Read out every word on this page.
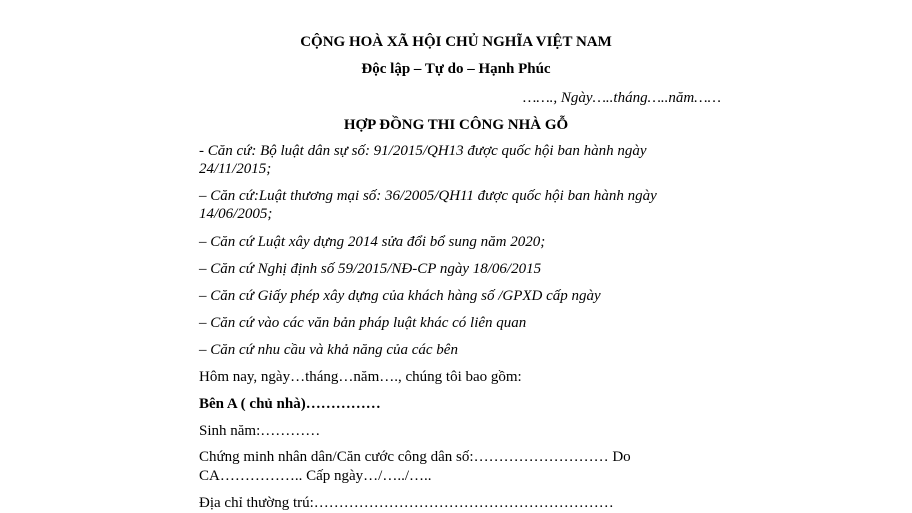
CỘNG HOÀ XÃ HỘI CHỦ NGHĨA VIỆT NAM
Độc lập – Tự do – Hạnh Phúc
……., Ngày…..tháng…..năm……
HỢP ĐỒNG THI CÔNG NHÀ GỖ
- Căn cứ: Bộ luật dân sự số: 91/2015/QH13 được quốc hội ban hành ngày
24/11/2015;
– Căn cứ:Luật thương mại số: 36/2005/QH11 được quốc hội ban hành ngày
14/06/2005;
– Căn cứ Luật xây dựng 2014 sửa đổi bổ sung năm 2020;
– Căn cứ Nghị định số 59/2015/NĐ-CP ngày 18/06/2015
– Căn cứ Giấy phép xây dựng của khách hàng số /GPXD cấp ngày
– Căn cứ vào các văn bản pháp luật khác có liên quan
– Căn cứ nhu cầu và khả năng của các bên
Hôm nay, ngày…tháng…năm…., chúng tôi bao gồm:
Bên A ( chủ nhà)……………
Sinh năm:…………
Chứng minh nhân dân/Căn cước công dân số:……………………… Do
CA…………….. Cấp ngày…/…../…..
Địa chỉ thường trú:……………………………………………………
